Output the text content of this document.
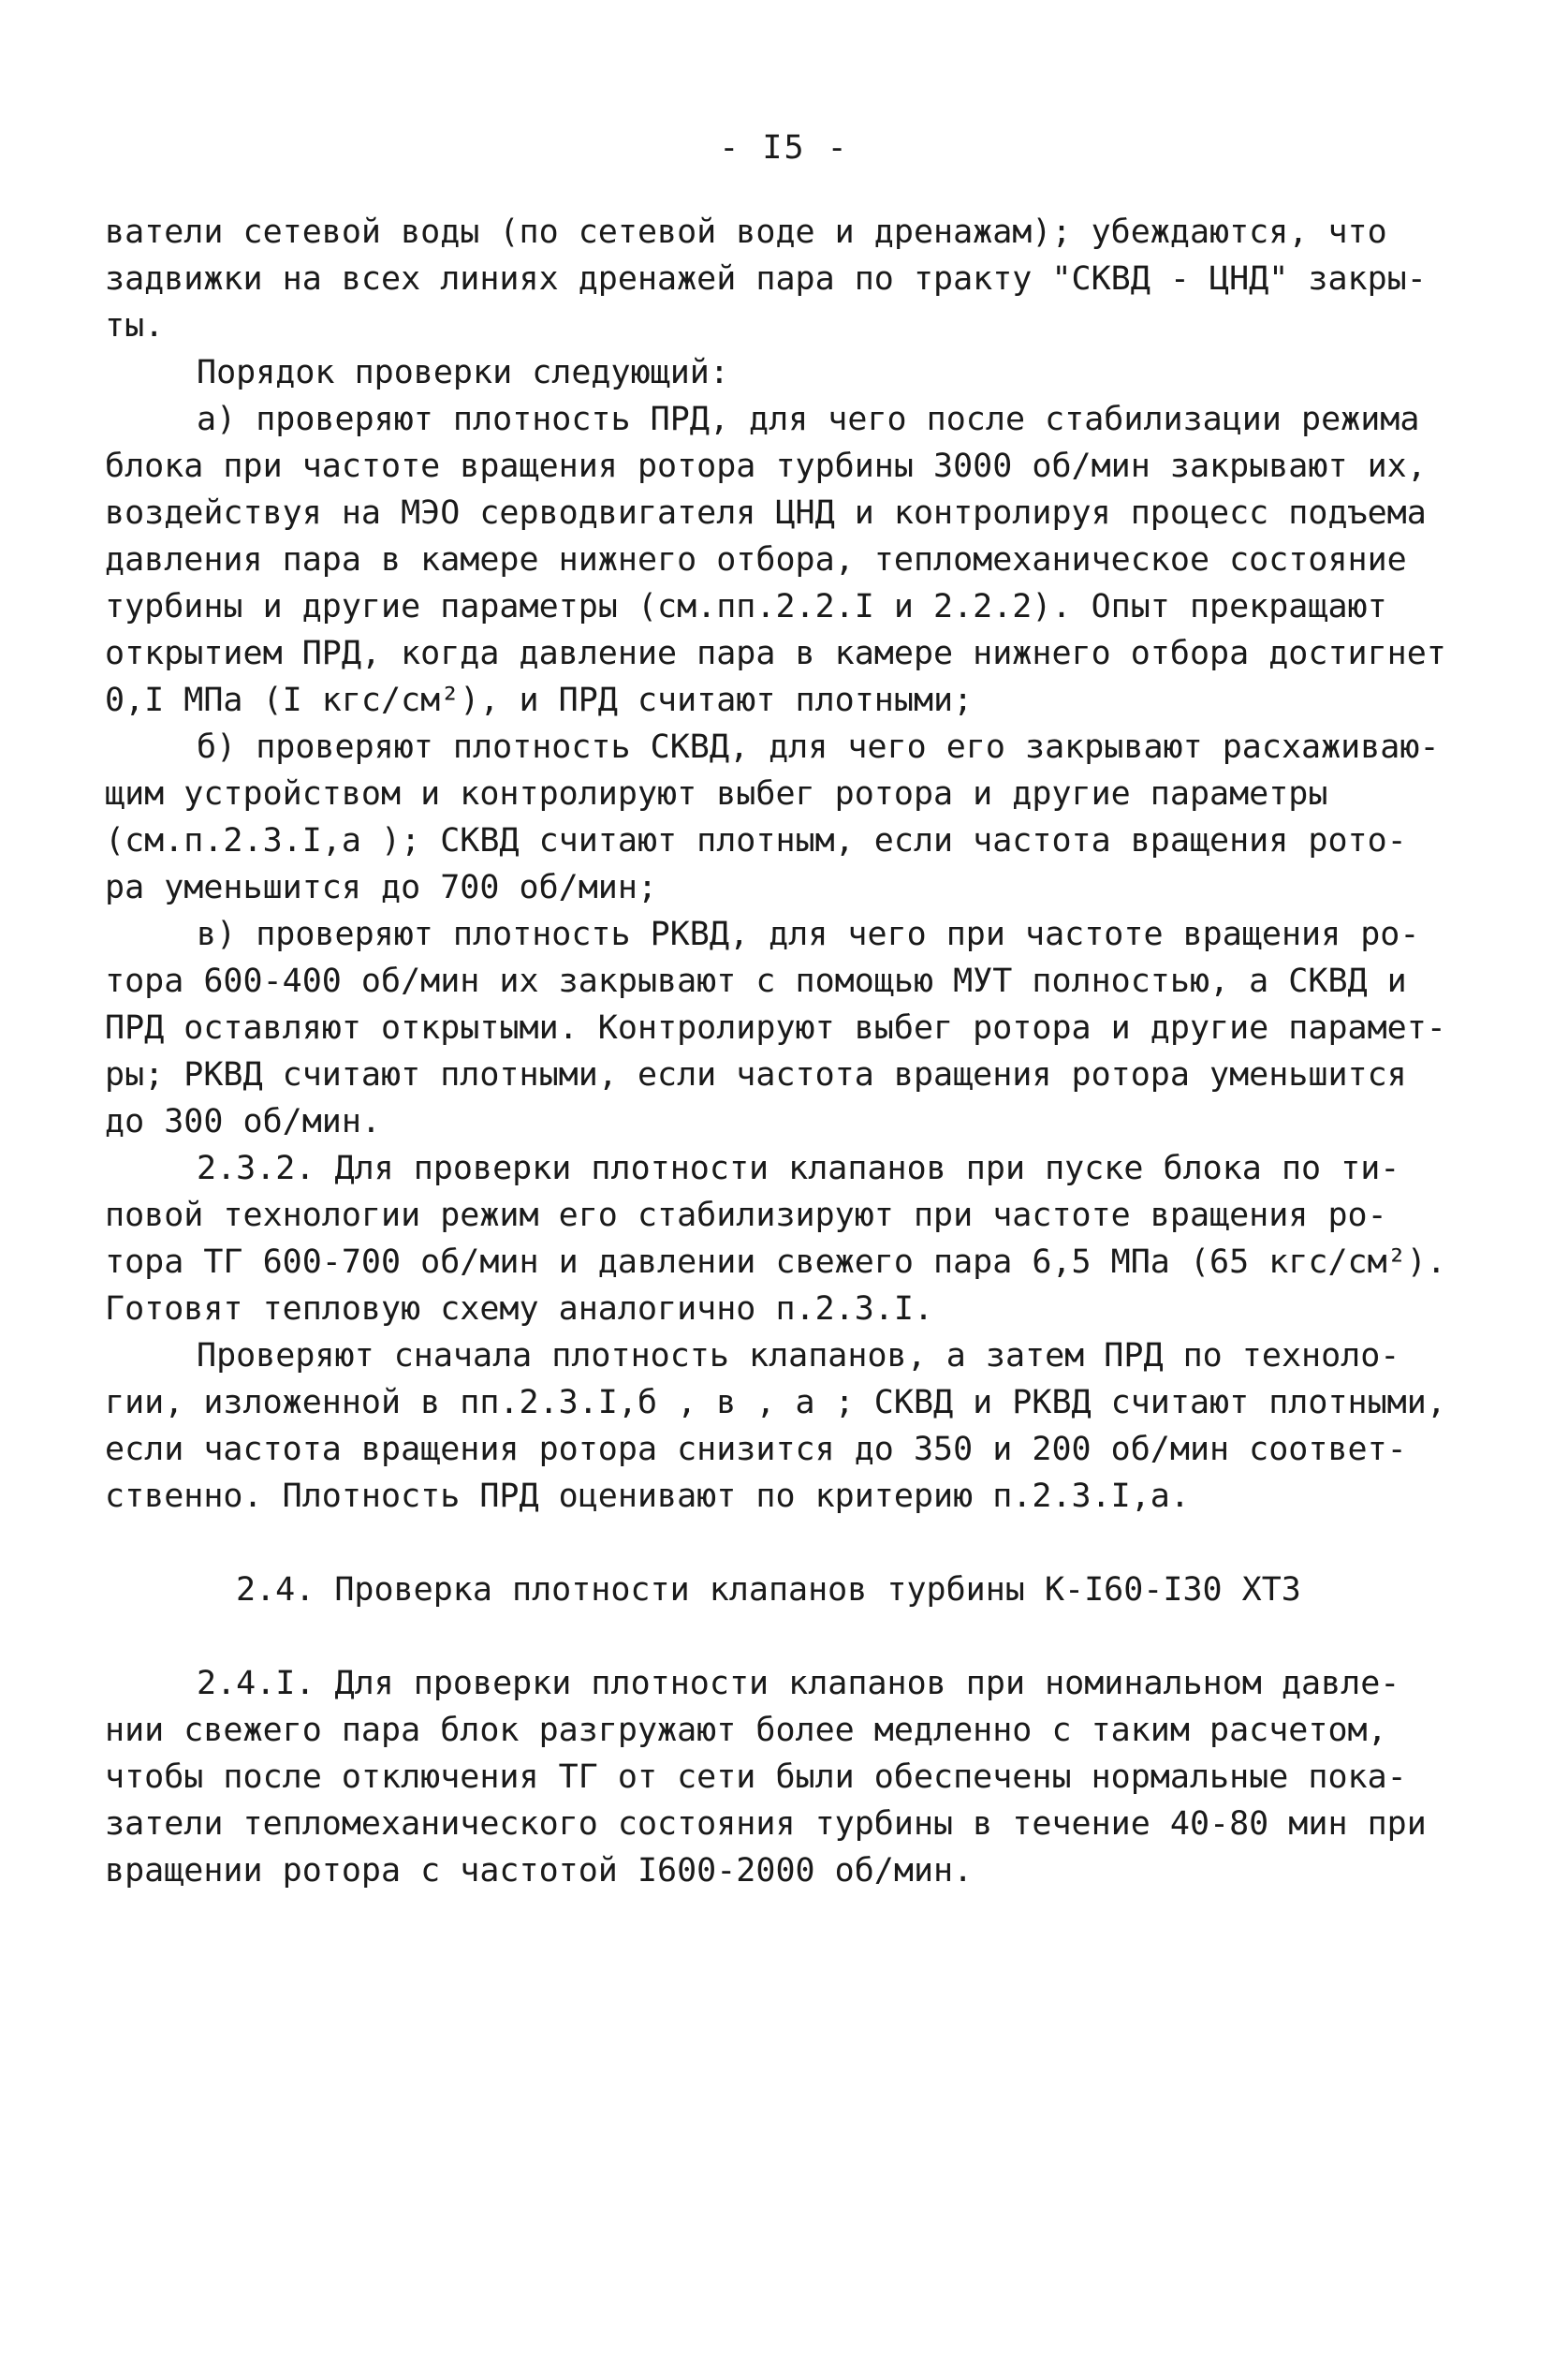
- I5 -
ватели сетевой воды (по сетевой воде и дренажам); убеждаются, что
задвижки на всех линиях дренажей пара по тракту "СКВД - ЦНД" закры-
ты.
Порядок проверки следующий:
а) проверяют плотность ПРД, для чего после стабилизации режима
блока при частоте вращения ротора турбины 3000 об/мин закрывают их,
воздействуя на МЭО серводвигателя ЦНД и контролируя процесс подъема
давления пара в камере нижнего отбора, тепломеханическое состояние
турбины и другие параметры (см.пп.2.2.I и 2.2.2). Опыт прекращают
открытием ПРД, когда давление пара в камере нижнего отбора достигнет
0,I МПа (I кгс/см²), и ПРД считают плотными;
б) проверяют плотность СКВД, для чего его закрывают расхаживаю-
щим устройством и контролируют выбег ротора и другие параметры
(см.п.2.3.I,а ); СКВД считают плотным, если частота вращения рото-
ра уменьшится до 700 об/мин;
в) проверяют плотность РКВД, для чего при частоте вращения ро-
тора 600-400 об/мин их закрывают с помощью МУТ полностью, а СКВД и
ПРД оставляют открытыми. Контролируют выбег ротора и другие парамет-
ры; РКВД считают плотными, если частота вращения ротора уменьшится
до 300 об/мин.
2.3.2. Для проверки плотности клапанов при пуске блока по ти-
повой технологии режим его стабилизируют при частоте вращения ро-
тора ТГ 600-700 об/мин и давлении свежего пара 6,5 МПа (65 кгс/см²).
Готовят тепловую схему аналогично п.2.3.I.
Проверяют сначала плотность клапанов, а затем ПРД по техноло-
гии, изложенной в пп.2.3.I,б , в , а ; СКВД и РКВД считают плотными,
если частота вращения ротора снизится до 350 и 200 об/мин соответ-
ственно. Плотность ПРД оценивают по критерию п.2.3.I,а.
2.4. Проверка плотности клапанов турбины К-I60-I30 ХТЗ
2.4.I. Для проверки плотности клапанов при номинальном давле-
нии свежего пара блок разгружают более медленно с таким расчетом,
чтобы после отключения ТГ от сети были обеспечены нормальные пока-
затели тепломеханического состояния турбины в течение 40-80 мин при
вращении ротора с частотой I600-2000 об/мин.
